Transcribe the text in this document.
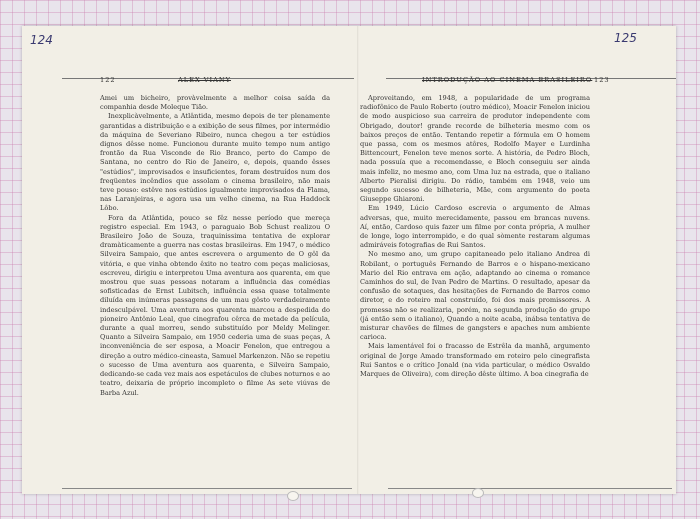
124	125
122	ALEX VIANY	INTRODUÇÃO AO CINEMA BRASILEIRO 123

Amei um bicheiro, provàvelmente a melhor coisa saída da companhia desde Moleque Tião.

Inexplicàvelmente, a Atlântida, mesmo depois de ter plenamente garantidas a distribuição e a exibição de seus filmes, por intermédio da máquina de Severiano Ribeiro, nunca chegou a ter estúdios dignos dêsse nome. Funcionou durante muito tempo num antigo frontão da Rua Visconde de Rio Branco, perto do Campo de Santana, no centro do Rio de Janeiro, e, depois, quando êsses "estúdios", improvisados e insuficientes, foram destruídos num dos freqüentes incêndios que assolam o cinema brasileiro, não mais teve pouso: estêve nos estúdios igualmente improvisados da Flama, nas Laranjeiras, e agora usa um velho cinema, na Rua Haddock Lôbo.

Fora da Atlântida, pouco se fêz nesse período que mereça registro especial. Em 1943, o paraguaio Bob Schust realizou O Brasileiro João de Souza, traquinissima tentativa de explorar dramàticamente a guerra nas costas brasileiras. Em 1947, o médico Silveira Sampaio, que antes escrevera o argumento de O gôl da vitória, e que vinha obtendo êxito no teatro com peças maliciosas, escreveu, dirigiu e interpretou Uma aventura aos quarenta, em que mostrou que suas pessoas notaram a influência das comédias sofisticadas de Ernst Lubitsch, influência essa quase totalmente diluída em inúmeras passagens de um mau gôsto verdadeiramente indesculpável. Uma aventura aos quarenta marcou a despedida do pioneiro Antônio Leal, que cinegrafou cêrca de metade da película, durante a qual morreu, sendo substituído por Meldy Melinger. Quanto a Silveira Sampaio, em 1950 cederia uma de suas peças, A inconveniência de ser esposa, a Moacir Fenelon, que entregou a direção a outro médico-cineasta, Samuel Markenzon. Não se repetiu o sucesso de Uma aventura aos quarenta, e Silveira Sampaio, dedicando-se cada vez mais aos espetáculos de clubes noturnos e ao teatro, deixaria de próprio incompleto o filme As sete viúvas de Barba Azul.

Aproveitando, em 1948, a popularidade de um programa radiofônico de Paulo Roberto (outro médico), Moacir Fenelon iniciou de modo auspicioso sua carreira de produtor independente com Obrigado, doutor! grande recorde de bilheteria mesmo com os baixos preços de então. Tentando repetir a fórmula em O homem que passa, com os mesmos atôres, Rodolfo Mayer e Lurdinha Bittencourt, Fenelon teve menos sorte. A história, de Pedro Bloch, nada possuía que a recomendasse, e Bloch conseguiu ser ainda mais infeliz, no mesmo ano, com Uma luz na estrada, que o italiano Alberto Pieralisi dirigiu. Do rádio, também em 1948, veio um segundo sucesso de bilheteria, Mãe, com argumento do poeta Giuseppe Ghiaroni.

Em 1949, Lúcio Cardoso escrevia o argumento de Almas adversas, que, muito merecidamente, passou em brancas nuvens. Aí, então, Cardoso quis fazer um filme por conta própria, A mulher de longe, logo interrompido, e do qual sòmente restaram algumas admiráveis fotografias de Rui Santos.

No mesmo ano, um grupo capitaneado pelo italiano Andrea di Robilant, o português Fernando de Barros e o hispano-mexicano Mario del Rio entrava em ação, adaptando ao cinema o romance Caminhos do sul, de Ivan Pedro de Martins. O resultado, apesar da confusão de sotaques, das hesitações de Fernando de Barros como diretor, e do roteiro mal construído, foi dos mais promissores. A promessa não se realizaria, porém, na segunda produção do grupo (já então sem o italiano), Quando a noite acaba, inábsa tentativa de misturar chavões de filmes de gangsters e apaches num ambiente carioca.

Mais lamentável foi o fracasso de Estrêla da manhã, argumento original de Jorge Amado transformado em roteiro pelo cinegrafista Rui Santos e o crítico Jonald (na vida particular, o médico Osvaldo Marques de Oliveira), com direção dêste último. A boa cinegrafia de
